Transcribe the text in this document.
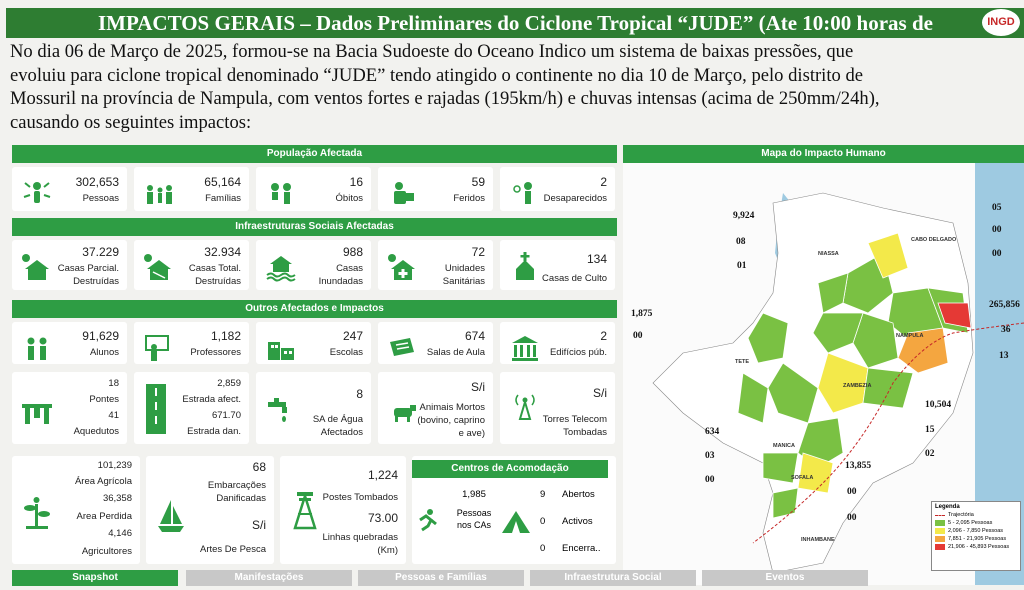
IMPACTOS GERAIS – Dados Preliminares do Ciclone Tropical “JUDE” (Ate 10:00 horas de	INGD
No dia 06 de Março de 2025, formou-se na Bacia Sudoeste do Oceano Indico um sistema de baixas pressões, que
evoluiu para ciclone tropical denominado “JUDE” tendo atingido o continente no dia 10 de Março, pelo distrito de
Mossuril na província de Nampula, com ventos fortes e rajadas (195km/h) e chuvas intensas (acima de 250mm/24h),
causando os seguintes impactos:
População Afectada
302,653
Pessoas
65,164
Famílias
16
Óbitos
59
Feridos
2
Desaparecidos
Infraestruturas Sociais Afectadas
37.229
Casas Parcial.
Destruídas
32.934
Casas Total.
Destruídas
988
Casas
Inundadas
72
Unidades
Sanitárias
134
Casas de Culto
Outros Afectados e Impactos
91,629
Alunos
1,182
Professores
247
Escolas
674
Salas de Aula
2
Edifícios púb.
18
Pontes
41
Aquedutos
2,859
Estrada afect.
671.70
Estrada dan.
8
SA de Água
Afectados
S/i
Animais Mortos
(bovino, caprino
e ave)
S/i
Torres Telecom
Tombadas
101,239
Área Agrícola
36,358
Area Perdida
4,146
Agricultores
68
Embarcações
Danificadas
S/i
Artes De Pesca
1,224
Postes Tombados
73.00
Linhas quebradas
(Km)
Centros de Acomodação
1,985
Pessoas
nos CAs
9	Abertos
0	Activos
0	Encerra..
Mapa do Impacto Humano
NIASSA
CABO DELGADO
NAMPULA
ZAMBEZIA
TETE
MANICA
SOFALA
INHAMBANE
9,924
08
01
1,875
00
634
03
00
05
00
00
265,856
36
13
10,504
15
02
13,855
00
00
Legenda
Trajectória
5 - 2,095 Pessoas
2,096 - 7,850 Pessoas
7,851 - 21,905 Pessoas
21,906 - 45,893 Pessoas
Snapshot	Manifestações	Pessoas e Famílias	Infraestrutura Social	Eventos
